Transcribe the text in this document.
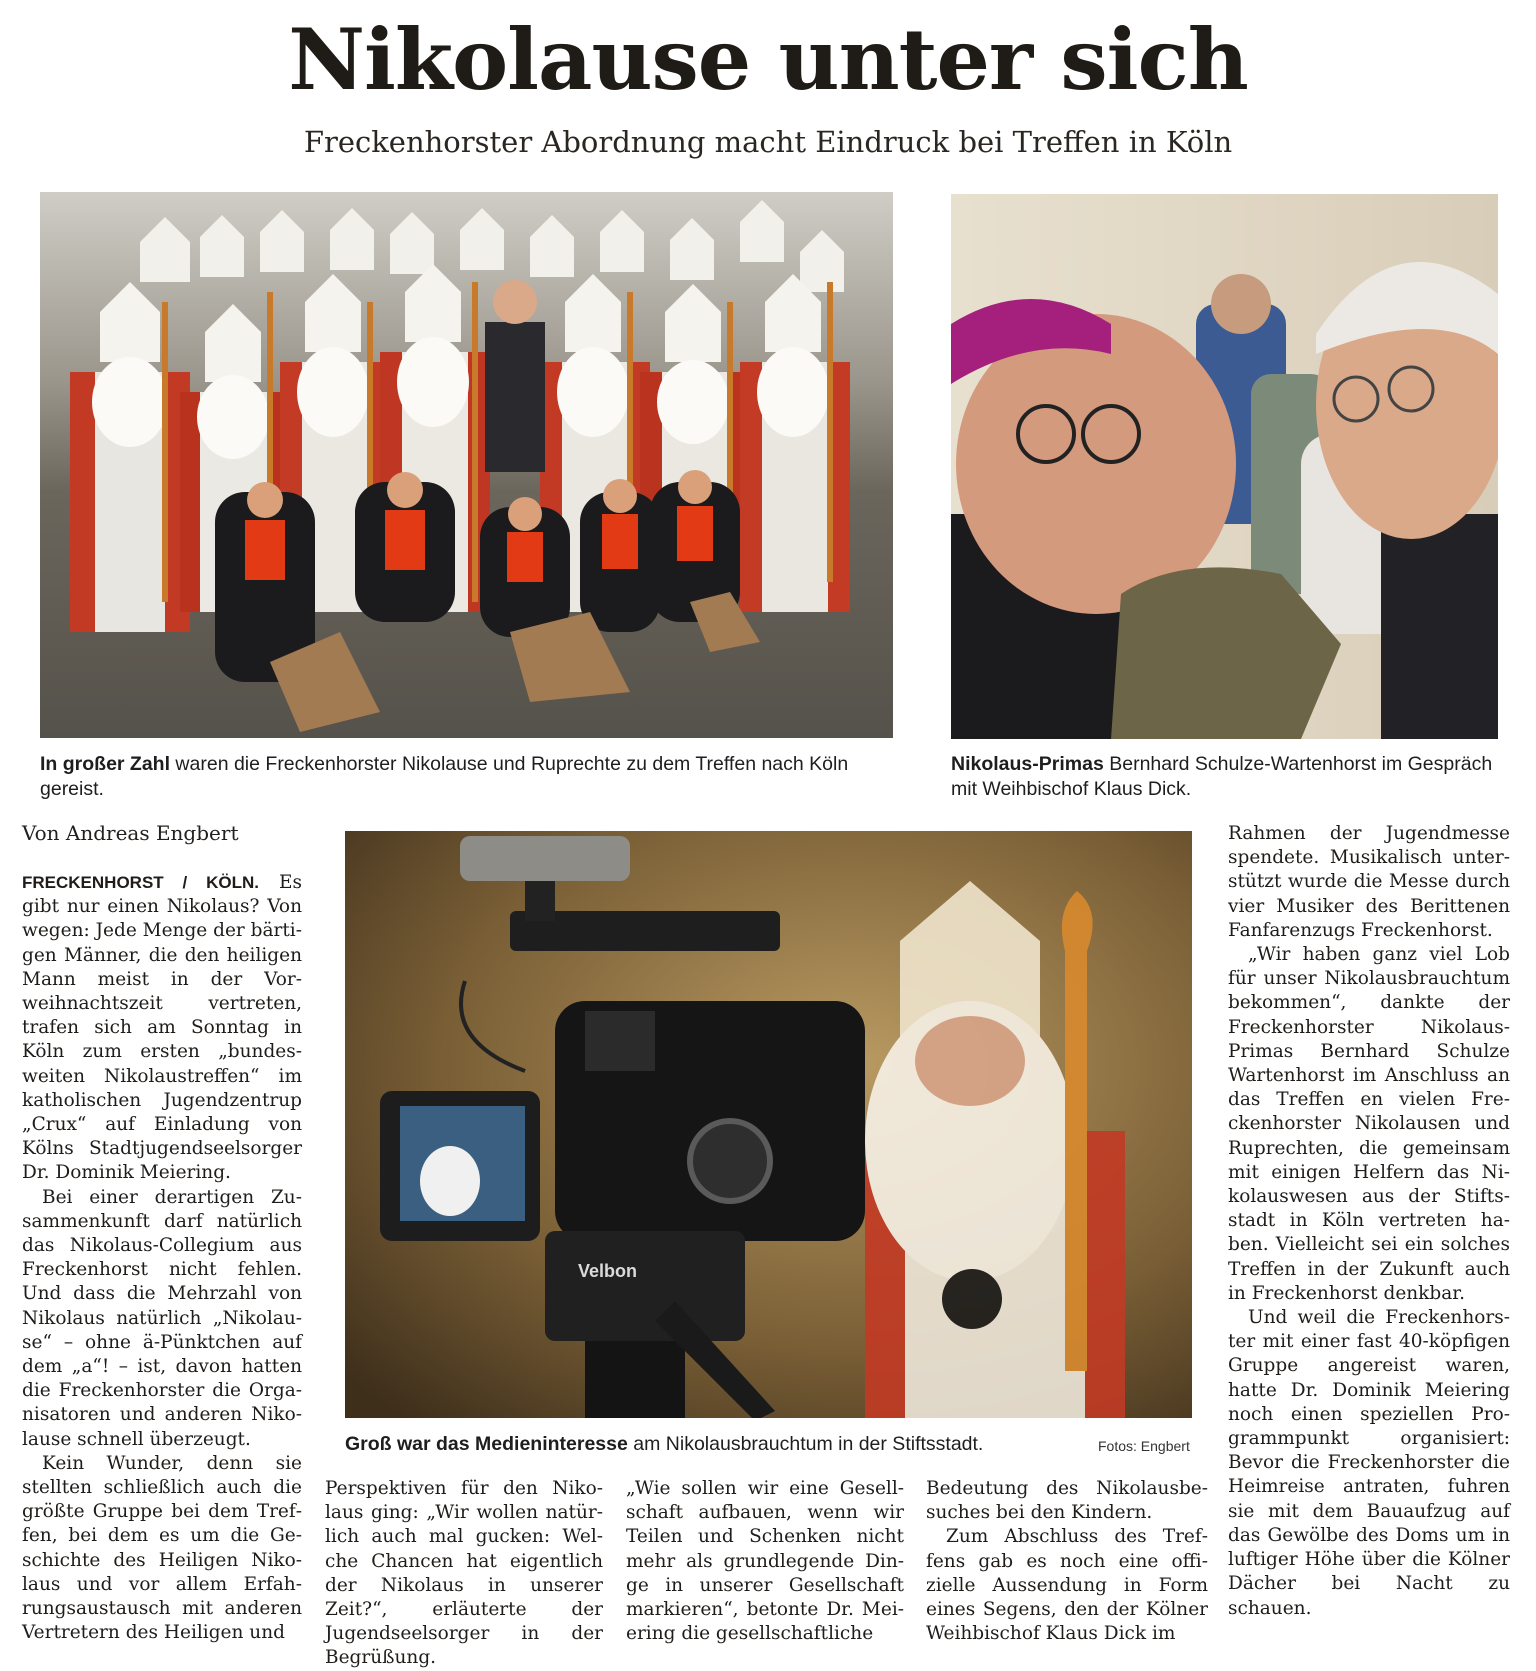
Nikolause unter sich
Freckenhorster Abordnung macht Eindruck bei Treffen in Köln
In großer Zahl waren die Freckenhorster Nikolause und Ruprechte zu dem Treffen nach Köln gereist.
Nikolaus-Primas Bernhard Schulze-Wartenhorst im Gespräch mit Weihbischof Klaus Dick.
Velbon
Groß war das Medieninteresse am Nikolausbrauchtum in der Stiftsstadt.	Fotos: Engbert
Von Andreas Engbert

FRECKENHORST / KÖLN. Es gibt nur einen Nikolaus? Von wegen: Jede Menge der bärtigen Männer, die den heiligen Mann meist in der Vorweihnachtszeit vertreten, trafen sich am Sonntag in Köln zum ersten „bundesweiten Nikolaustreffen“ im katholischen Jugendzentrup „Crux“ auf Einladung von Kölns Stadtjugendseelsorger Dr. Dominik Meiering.

Bei einer derartigen Zusammenkunft darf natürlich das Nikolaus-Collegium aus Freckenhorst nicht fehlen. Und dass die Mehrzahl von Nikolaus natürlich „Nikolause“ – ohne ä-Pünktchen auf dem „a“! – ist, davon hatten die Freckenhorster die Organisatoren und anderen Nikolause schnell überzeugt.

Kein Wunder, denn sie stellten schließlich auch die größte Gruppe bei dem Treffen, bei dem es um die Geschichte des Heiligen Nikolaus und vor allem Erfahrungsaustausch mit anderen Vertretern des Heiligen und

Perspektiven für den Nikolaus ging: „Wir wollen natürlich auch mal gucken: Welche Chancen hat eigentlich der Nikolaus in unserer Zeit?“, erläuterte der Jugendseelsorger in der Begrüßung.

„Wie sollen wir eine Gesellschaft aufbauen, wenn wir Teilen und Schenken nicht mehr als grundlegende Dinge in unserer Gesellschaft markieren“, betonte Dr. Meiering die gesellschaftliche

Bedeutung des Nikolausbesuches bei den Kindern.

Zum Abschluss des Treffens gab es noch eine offizielle Aussendung in Form eines Segens, den der Kölner Weihbischof Klaus Dick im

Rahmen der Jugendmesse spendete. Musikalisch unterstützt wurde die Messe durch vier Musiker des Berittenen Fanfarenzugs Freckenhorst.

„Wir haben ganz viel Lob für unser Nikolausbrauchtum bekommen“, dankte der Freckenhorster Nikolaus-Primas Bernhard Schulze Wartenhorst im Anschluss an das Treffen en vielen Freckenhorster Nikolausen und Ruprechten, die gemeinsam mit einigen Helfern das Nikolauswesen aus der Stiftsstadt in Köln vertreten haben. Vielleicht sei ein solches Treffen in der Zukunft auch in Freckenhorst denkbar.

Und weil die Freckenhorster mit einer fast 40-köpfigen Gruppe angereist waren, hatte Dr. Dominik Meiering noch einen speziellen Programmpunkt organisiert: Bevor die Freckenhorster die Heimreise antraten, fuhren sie mit dem Bauaufzug auf das Gewölbe des Doms um in luftiger Höhe über die Kölner Dächer bei Nacht zu schauen.
